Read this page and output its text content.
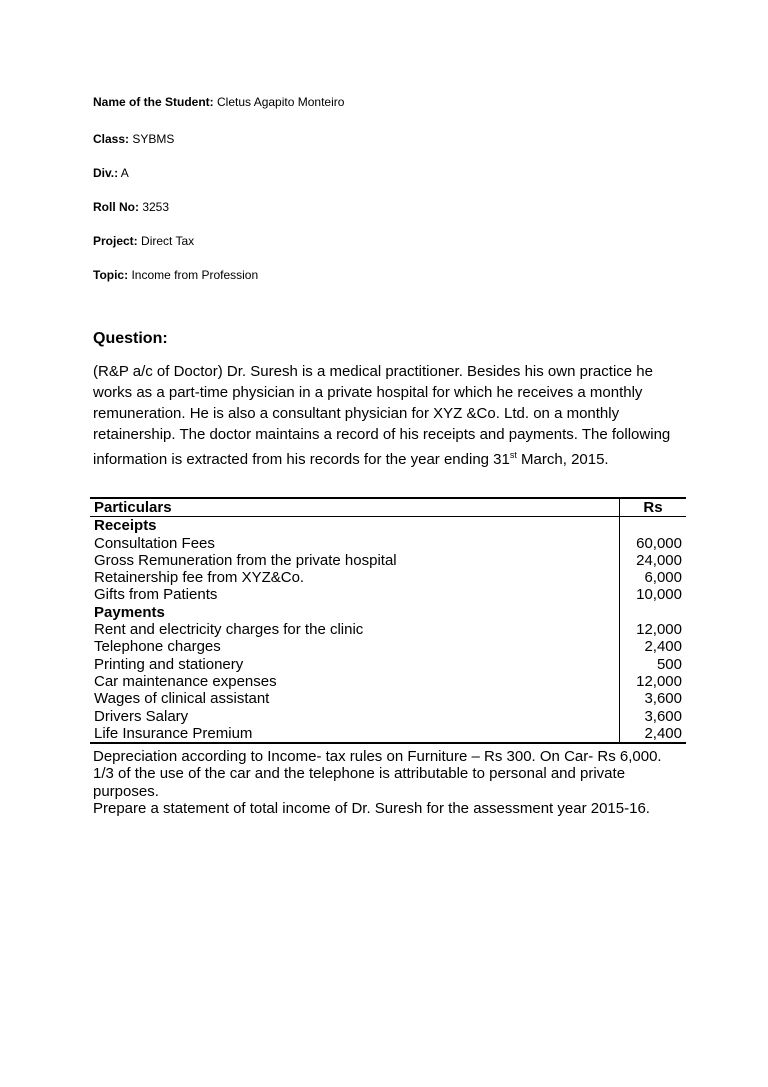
Name of the Student: Cletus Agapito Monteiro
Class: SYBMS
Div.: A
Roll No: 3253
Project: Direct Tax
Topic: Income from Profession
Question:
(R&P a/c of Doctor) Dr. Suresh is a medical practitioner. Besides his own practice he works as a part-time physician in a private hospital for which he receives a monthly remuneration. He is also a consultant physician for XYZ &Co. Ltd. on a monthly retainership. The doctor maintains a record of his receipts and payments. The following information is extracted from his records for the year ending 31st March, 2015.
Particulars	Rs
Receipts	
Consultation Fees	60,000
Gross Remuneration from the private hospital	24,000
Retainership fee from XYZ&Co.	6,000
Gifts from Patients	10,000
Payments	
Rent and electricity charges for the clinic	12,000
Telephone charges	2,400
Printing and stationery	500
Car maintenance expenses	12,000
Wages of clinical assistant	3,600
Drivers Salary	3,600
Life Insurance Premium	2,400
Depreciation according to Income- tax rules on Furniture – Rs 300. On Car- Rs 6,000.
1/3 of the use of the car and the telephone is attributable to personal and private purposes.
Prepare a statement of total income of Dr. Suresh for the assessment year 2015-16.
